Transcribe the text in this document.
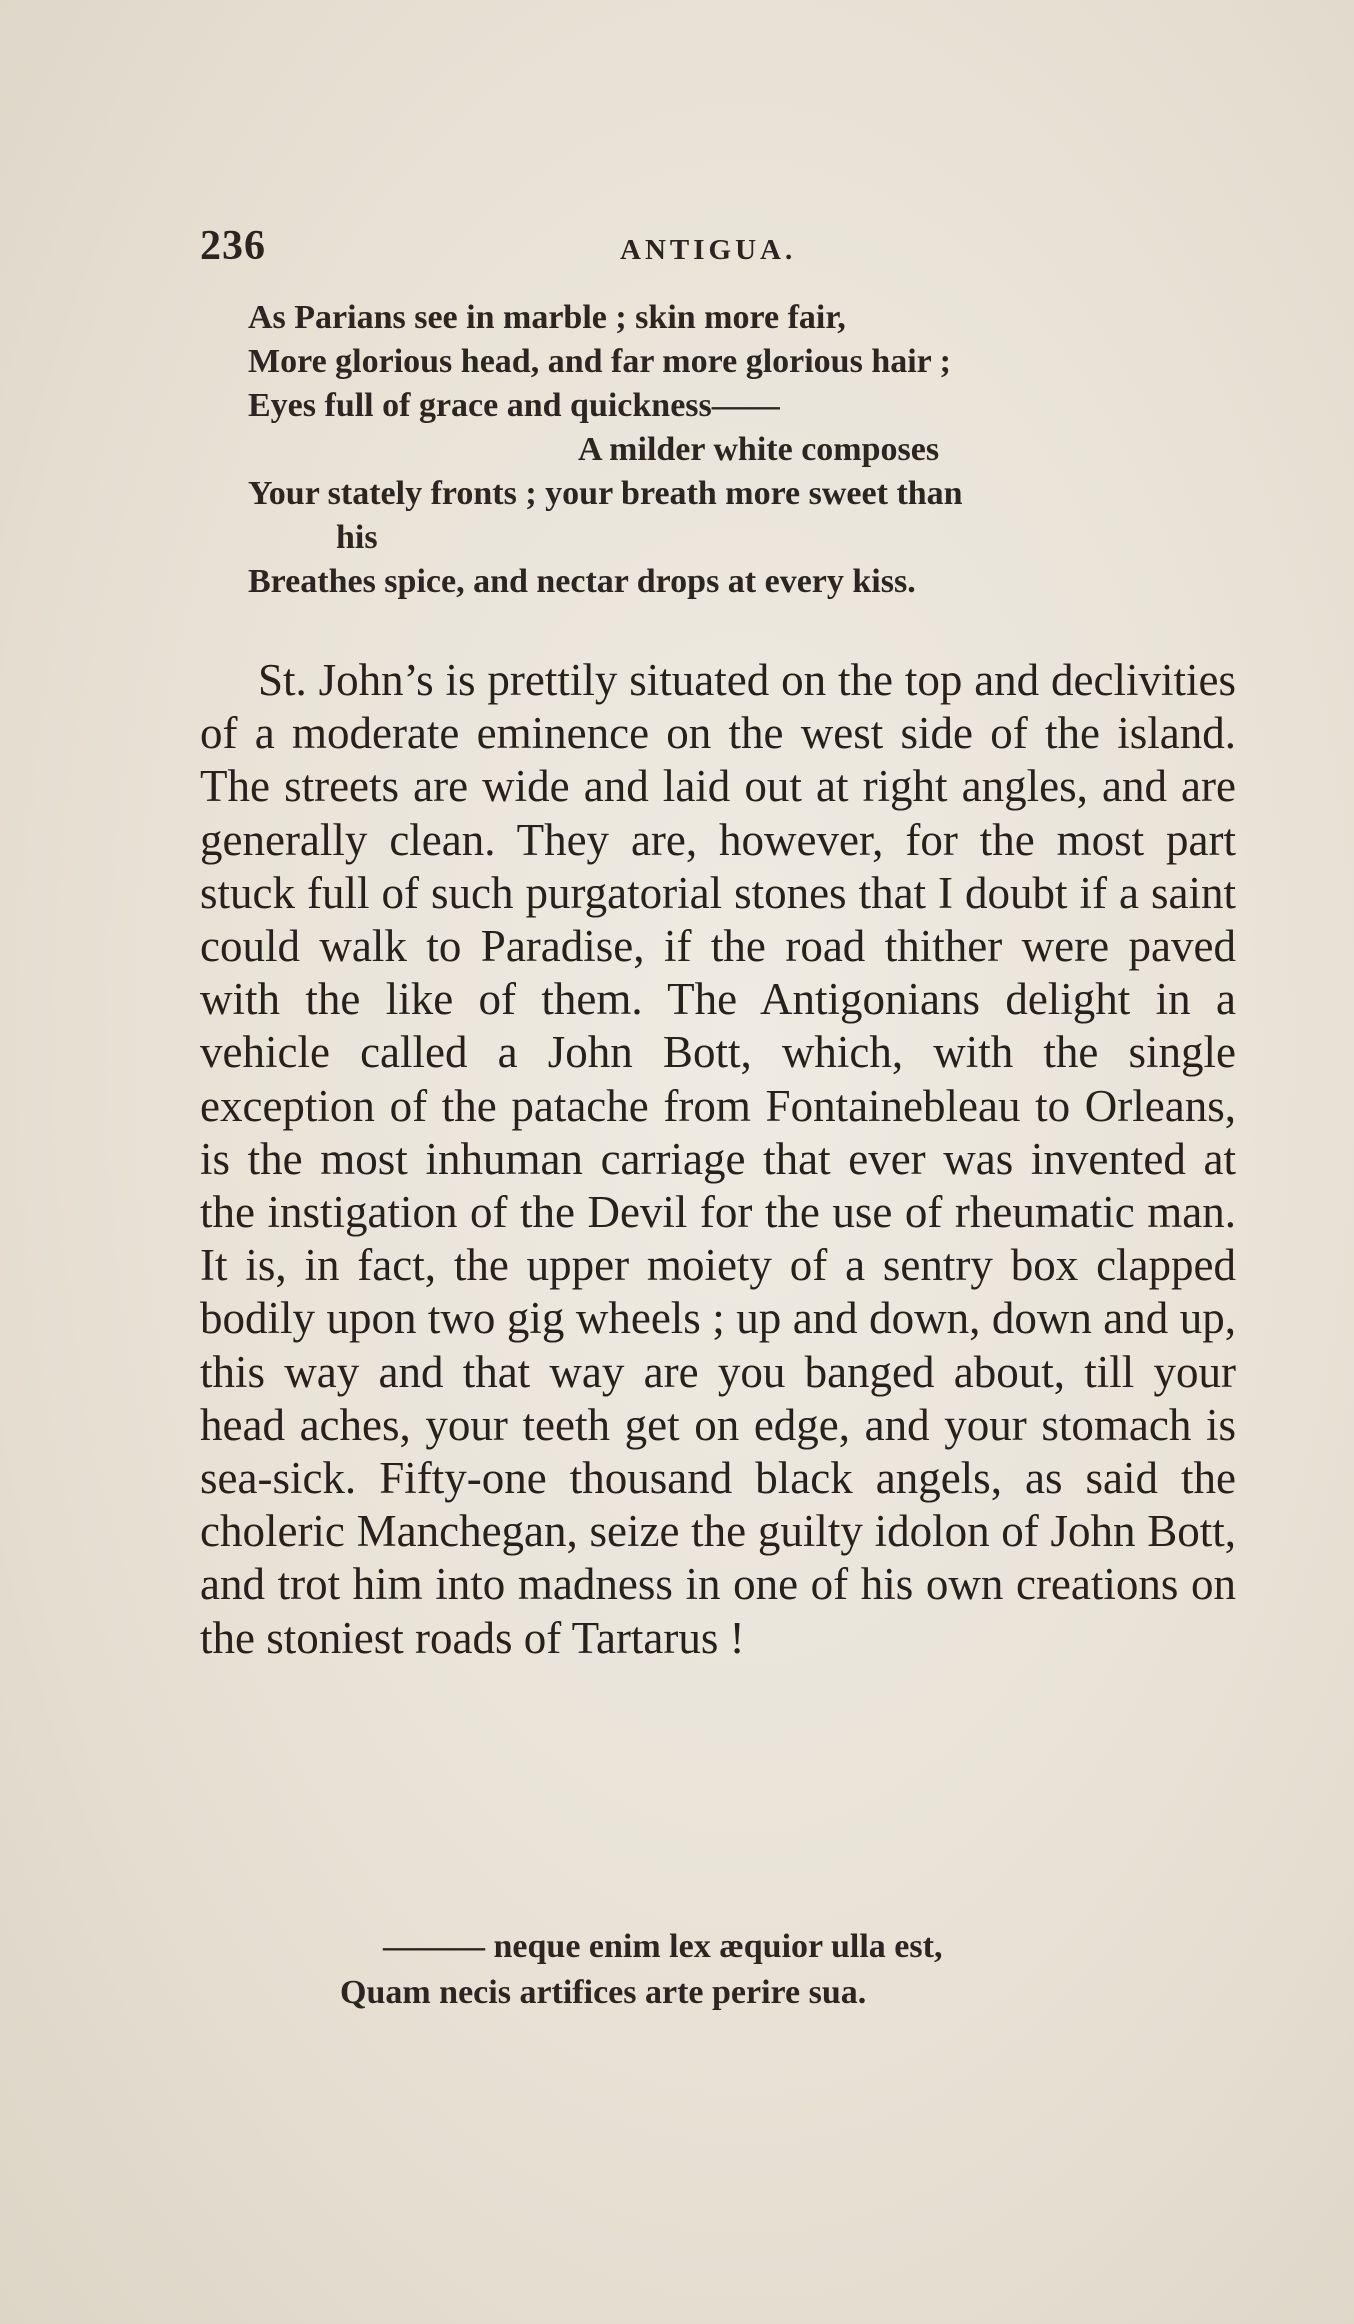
236	ANTIGUA.
As Parians see in marble ; skin more fair,
More glorious head, and far more glorious hair ;
Eyes full of grace and quickness——
A milder white composes
Your stately fronts ; your breath more sweet than
his
Breathes spice, and nectar drops at every kiss.

St. John’s is prettily situated on the top and declivities of a moderate eminence on the west side of the island. The streets are wide and laid out at right angles, and are generally clean. They are, however, for the most part stuck full of such purgatorial stones that I doubt if a saint could walk to Paradise, if the road thither were paved with the like of them. The Antigonians delight in a vehicle called a John Bott, which, with the single exception of the patache from Fontainebleau to Orleans, is the most inhuman carriage that ever was invented at the instigation of the Devil for the use of rheumatic man. It is, in fact, the upper moiety of a sentry box clapped bodily upon two gig wheels ; up and down, down and up, this way and that way are you banged about, till your head aches, your teeth get on edge, and your stomach is sea-sick. Fifty-one thousand black angels, as said the choleric Manchegan, seize the guilty idolon of John Bott, and trot him into madness in one of his own creations on the stoniest roads of Tartarus !

——— neque enim lex æquior ulla est,
Quam necis artifices arte perire sua.
